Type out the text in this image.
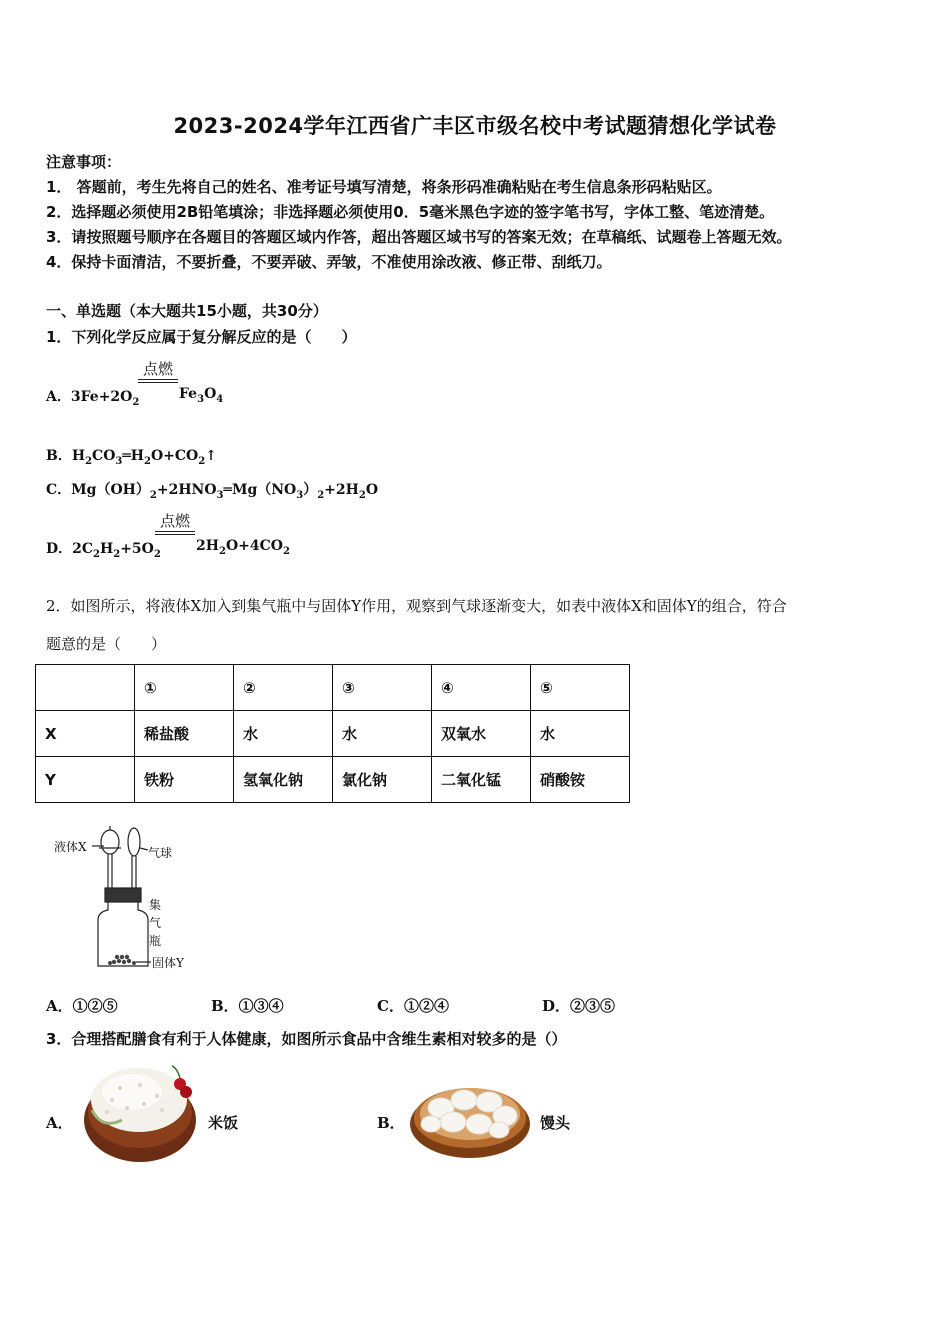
2023-2024学年江西省广丰区市级名校中考试题猜想化学试卷
注意事项：
1． 答题前，考生先将自己的姓名、准考证号填写清楚，将条形码准确粘贴在考生信息条形码粘贴区。
2．选择题必须使用2B铅笔填涂；非选择题必须使用0．5毫米黑色字迹的签字笔书写，字体工整、笔迹清楚。
3．请按照题号顺序在各题目的答题区域内作答，超出答题区域书写的答案无效；在草稿纸、试题卷上答题无效。
4．保持卡面清洁，不要折叠，不要弄破、弄皱，不准使用涂改液、修正带、刮纸刀。
一、单选题（本大题共15小题，共30分）
1．下列化学反应属于复分解反应的是（　　）
A．$3Fe+2O_2$
点燃
$Fe_3O_4$
B．$H_2CO_3═H_2O+CO_2↑$
C．$Mg(OH)_2+2HNO_3═Mg(NO_3)_2+2H_2O$
D．$2C_2H_2+5O_2$
点燃
$2H_2O+4CO_2$
2．如图所示，将液体X加入到集气瓶中与固体Y作用，观察到气球逐渐变大，如表中液体X和固体Y的组合，符合
题意的是（　　）
	①	②	③	④	⑤
X	稀盐酸	水	水	双氧水	水
Y	铁粉	氢氧化钠	氯化钠	二氧化锰	硝酸铵
液体X	气球
集
气
瓶
固体Y
A．①②⑤	B．①③④	C．①②④	D．②③⑤
3．合理搭配膳食有利于人体健康，如图所示食品中含维生素相对较多的是（）
A．	米饭	B．	馒头
